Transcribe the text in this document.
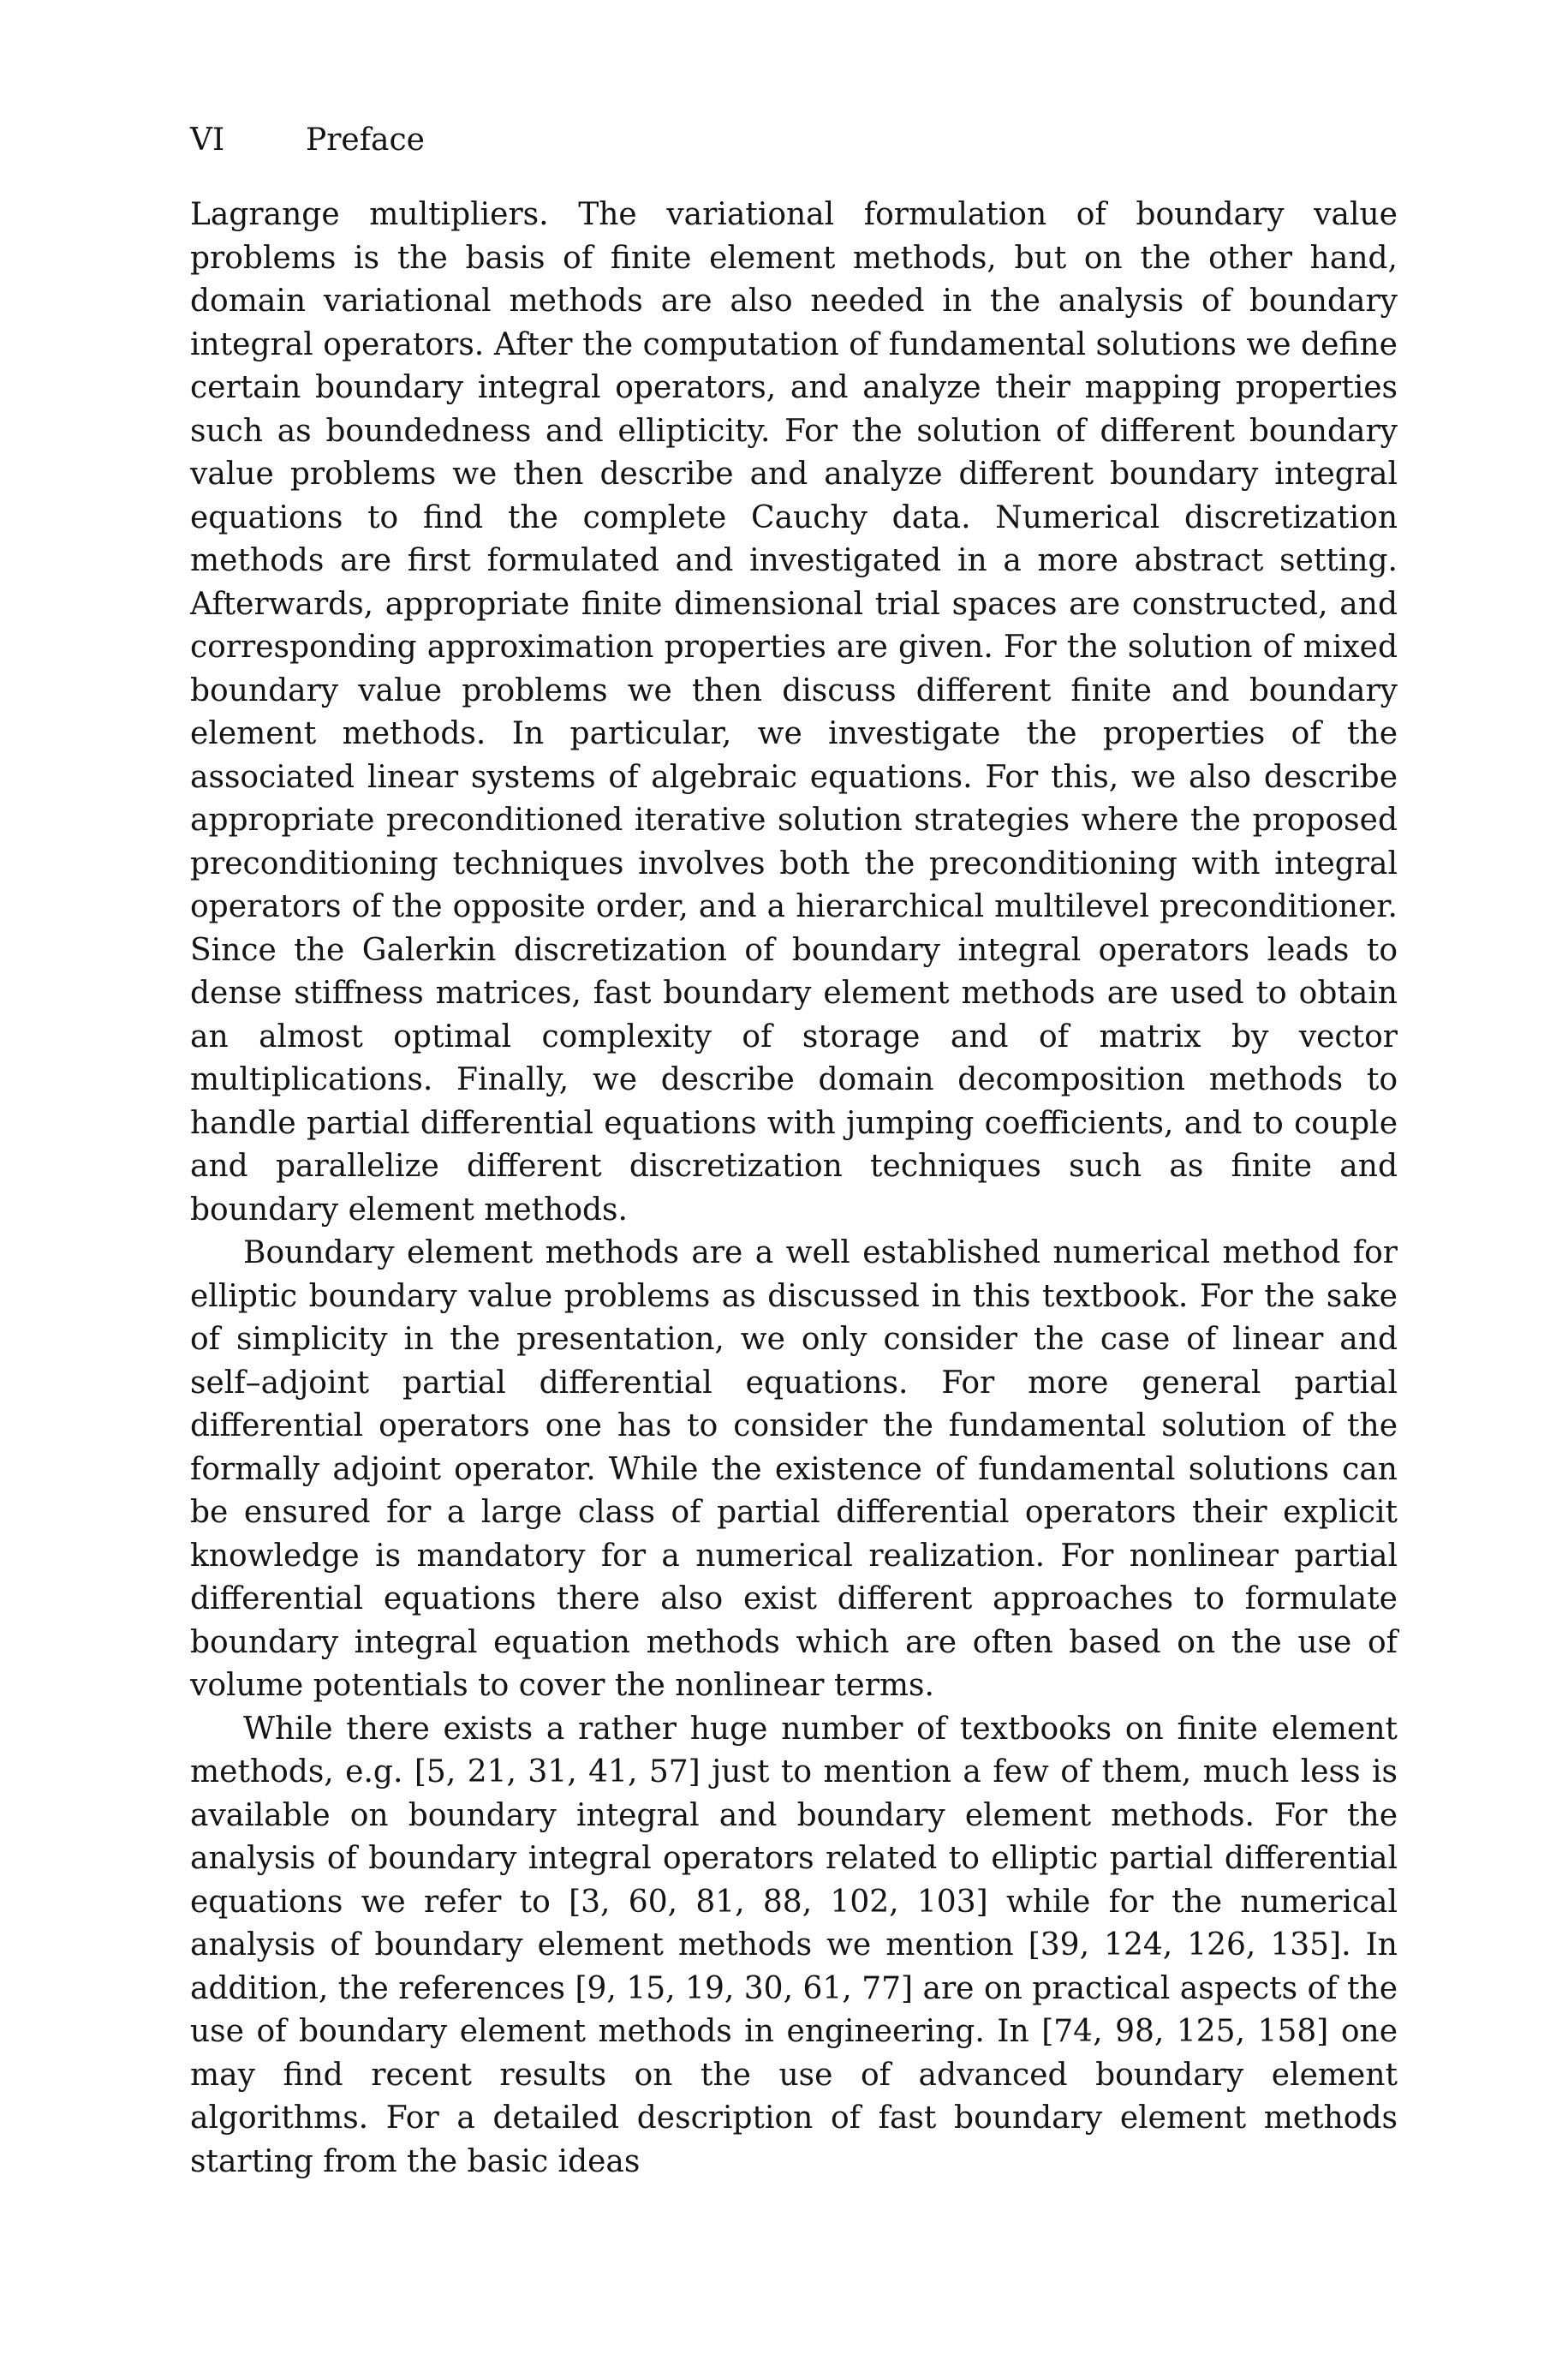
VI	Preface

Lagrange multipliers. The variational formulation of boundary value problems is the basis of finite element methods, but on the other hand, domain variational methods are also needed in the analysis of boundary integral operators. After the computation of fundamental solutions we define certain boundary integral operators, and analyze their mapping properties such as boundedness and ellipticity. For the solution of different boundary value problems we then describe and analyze different boundary integral equations to find the complete Cauchy data. Numerical discretization methods are first formulated and investigated in a more abstract setting. Afterwards, appropriate finite dimensional trial spaces are constructed, and corresponding approximation properties are given. For the solution of mixed boundary value problems we then discuss different finite and boundary element methods. In particular, we investigate the properties of the associated linear systems of algebraic equations. For this, we also describe appropriate preconditioned iterative solution strategies where the proposed preconditioning techniques involves both the preconditioning with integral operators of the opposite order, and a hierarchical multilevel preconditioner. Since the Galerkin discretization of boundary integral operators leads to dense stiffness matrices, fast boundary element methods are used to obtain an almost optimal complexity of storage and of matrix by vector multiplications. Finally, we describe domain decomposition methods to handle partial differential equations with jumping coefficients, and to couple and parallelize different discretization techniques such as finite and boundary element methods.

Boundary element methods are a well established numerical method for elliptic boundary value problems as discussed in this textbook. For the sake of simplicity in the presentation, we only consider the case of linear and self–adjoint partial differential equations. For more general partial differential operators one has to consider the fundamental solution of the formally adjoint operator. While the existence of fundamental solutions can be ensured for a large class of partial differential operators their explicit knowledge is mandatory for a numerical realization. For nonlinear partial differential equations there also exist different approaches to formulate boundary integral equation methods which are often based on the use of volume potentials to cover the nonlinear terms.

While there exists a rather huge number of textbooks on finite element methods, e.g. [5, 21, 31, 41, 57] just to mention a few of them, much less is available on boundary integral and boundary element methods. For the analysis of boundary integral operators related to elliptic partial differential equations we refer to [3, 60, 81, 88, 102, 103] while for the numerical analysis of boundary element methods we mention [39, 124, 126, 135]. In addition, the references [9, 15, 19, 30, 61, 77] are on practical aspects of the use of boundary element methods in engineering. In [74, 98, 125, 158] one may find recent results on the use of advanced boundary element algorithms. For a detailed description of fast boundary element methods starting from the basic ideas
